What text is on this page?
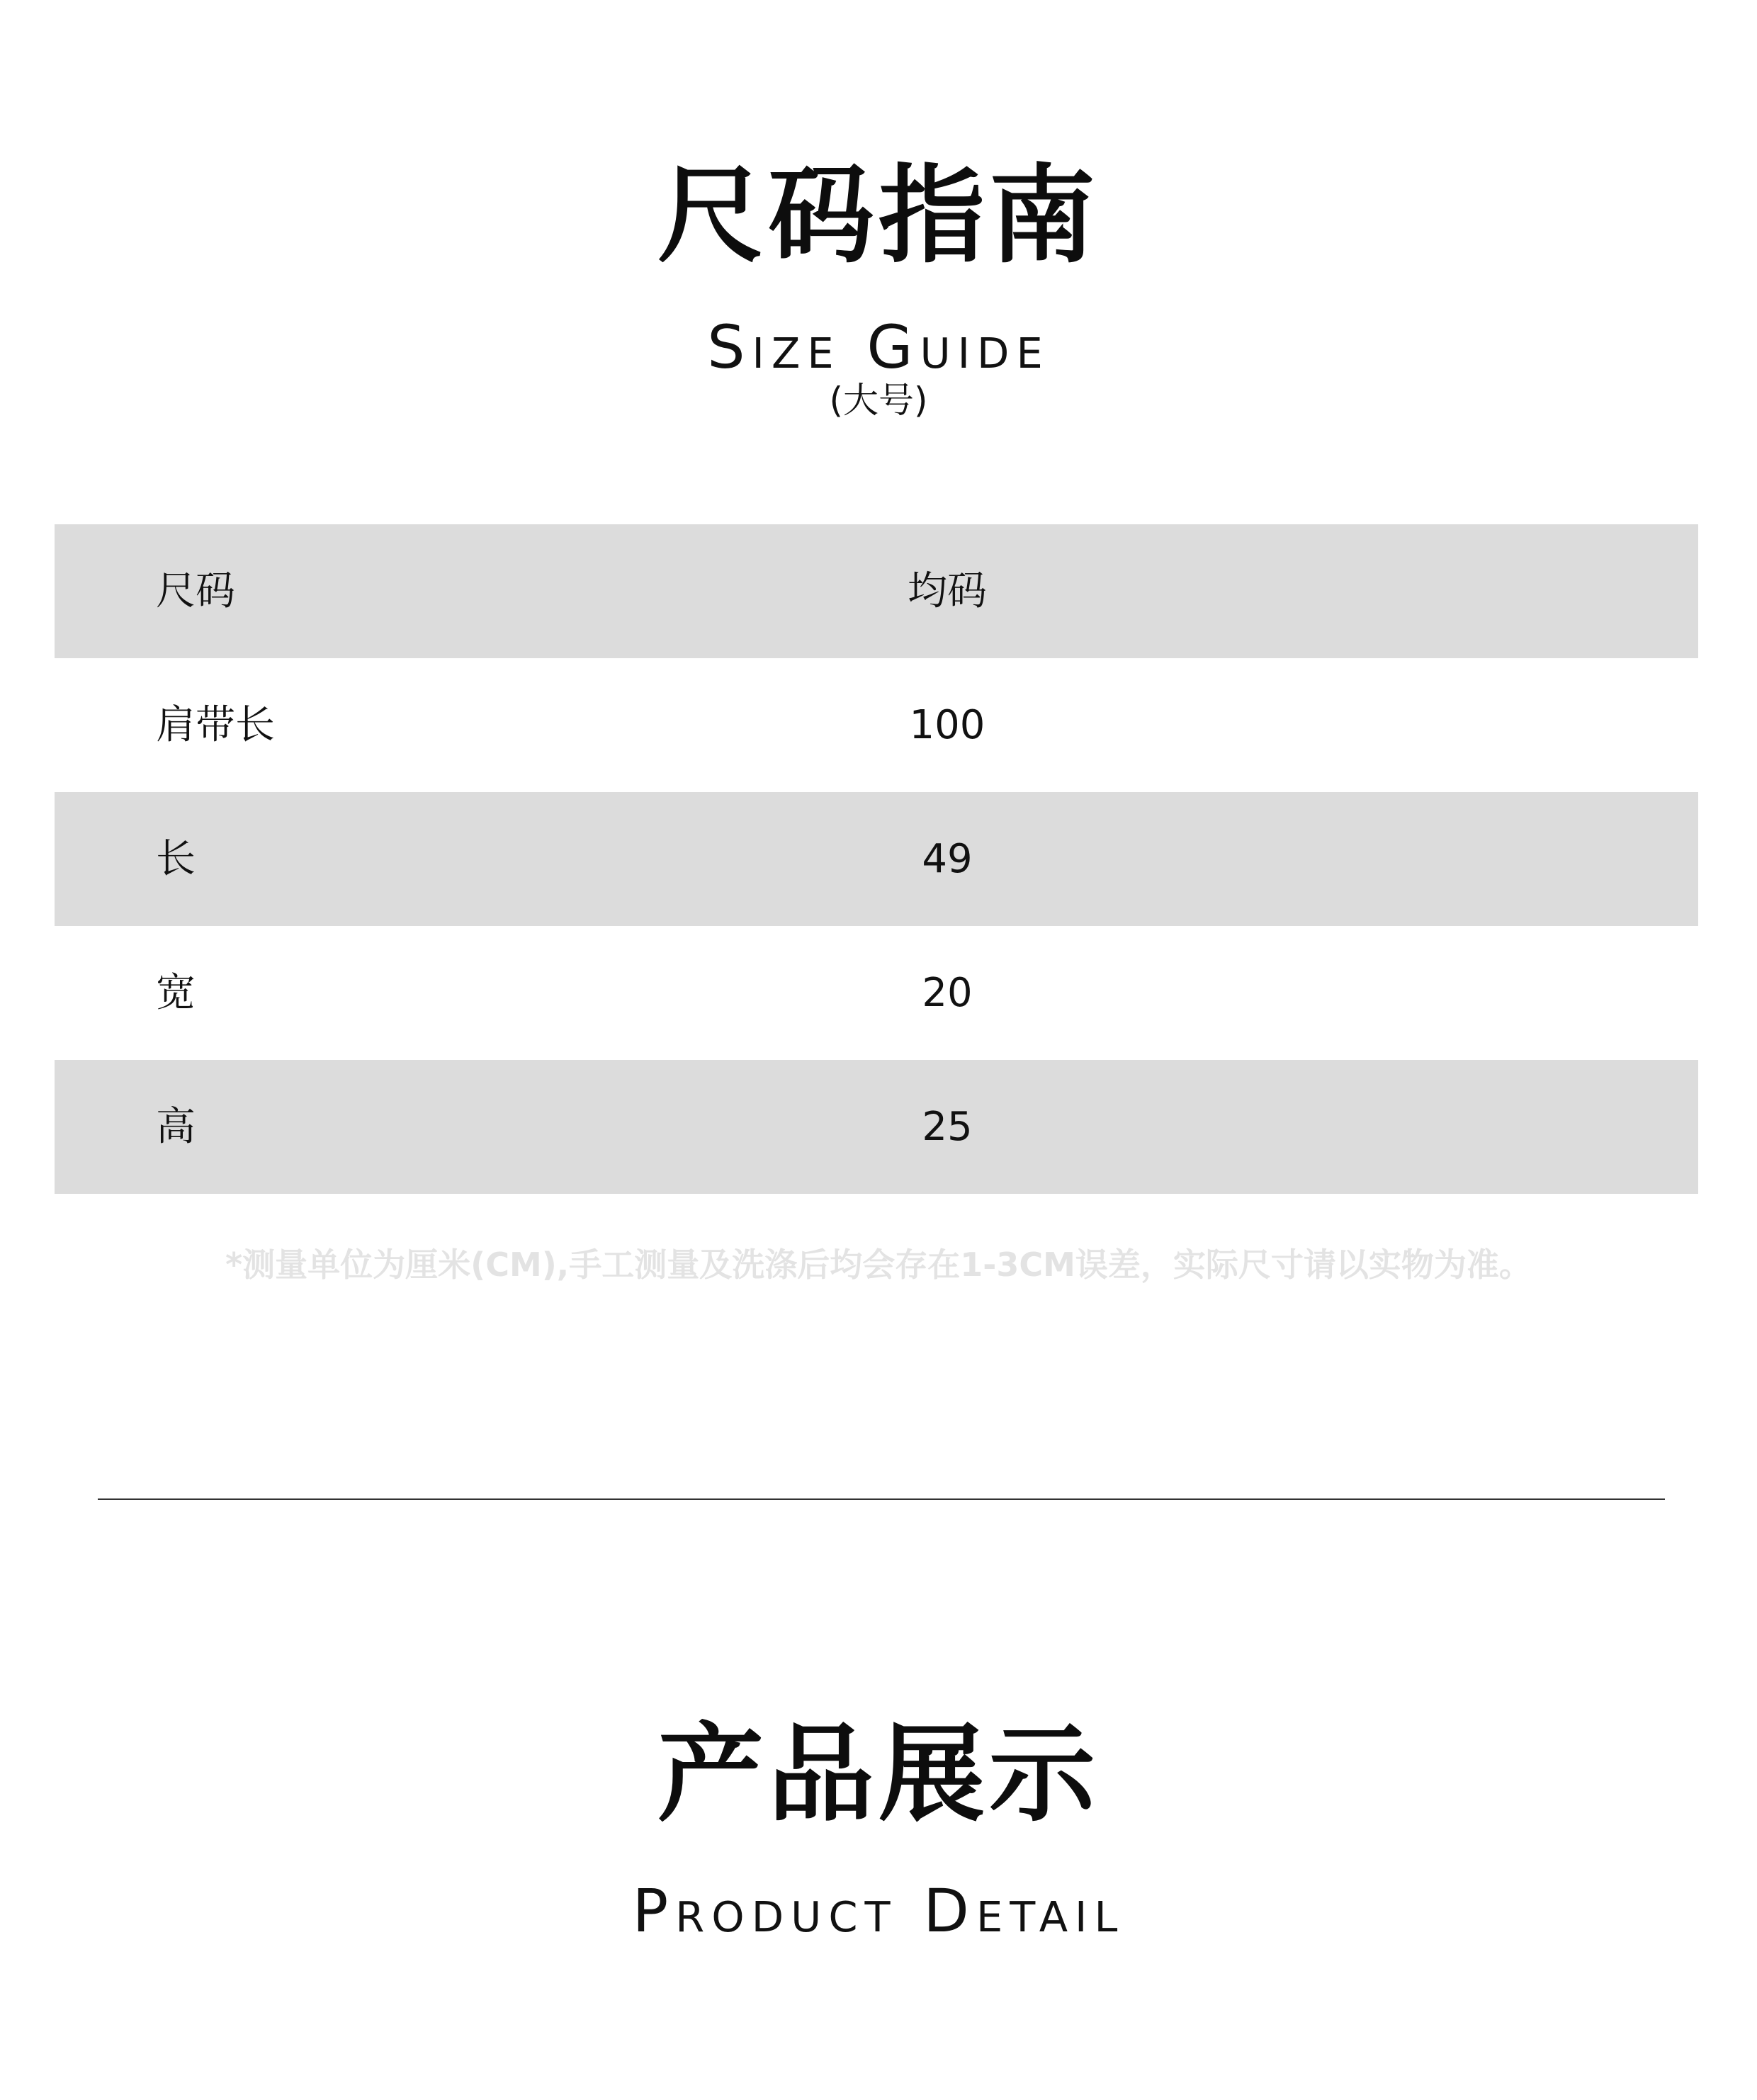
尺码指南
Size Guide
(大号)
尺码	均码
肩带长	100
长	49
宽	20
高	25
*测量单位为厘米(CM),手工测量及洗涤后均会存在1-3CM误差，实际尺寸请以实物为准。
产品展示
Product Detail
